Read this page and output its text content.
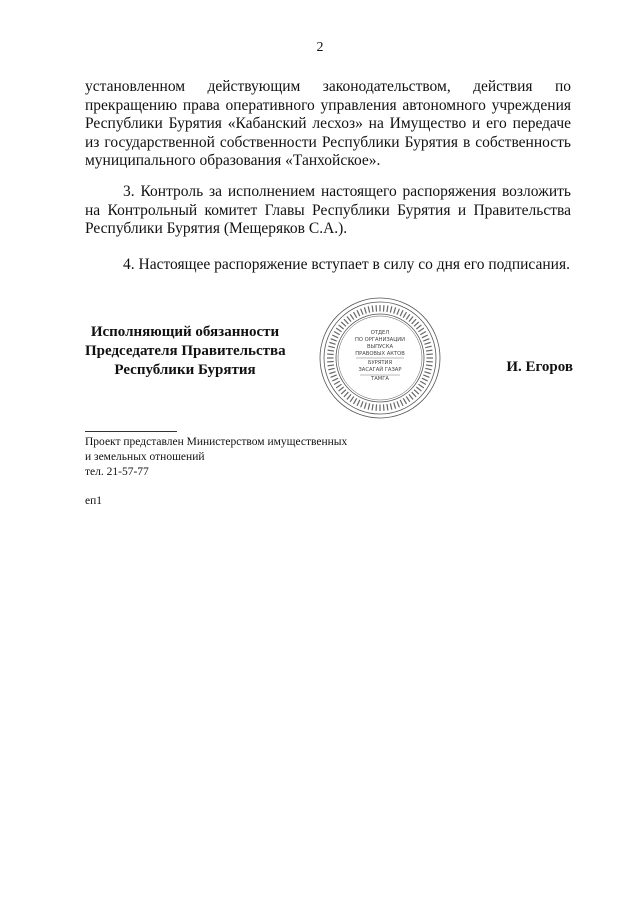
2

установленном действующим законодательством, действия по прекращению права оперативного управления автономного учреждения Республики Бурятия «Кабанский лесхоз» на Имущество и его передаче из государственной собственности Республики Бурятия в собственность муниципального образования «Танхойское».

3. Контроль за исполнением настоящего распоряжения возложить на Контрольный комитет Главы Республики Бурятия и Правительства Республики Бурятия (Мещеряков С.А.).

4. Настоящее распоряжение вступает в силу со дня его подписания.

Исполняющий обязанности
Председателя Правительства
Республики Бурятия
ОТДЕЛ
ПО ОРГАНИЗАЦИИ
ВЫПУСКА
ПРАВОВЫХ АКТОВ
БУРЯТИЯ
ЗАСАГАЙ ГАЗАР
ТАМГА
И. Егоров
Проект представлен Министерством имущественных
и земельных отношений
тел. 21-57-77
еп1
